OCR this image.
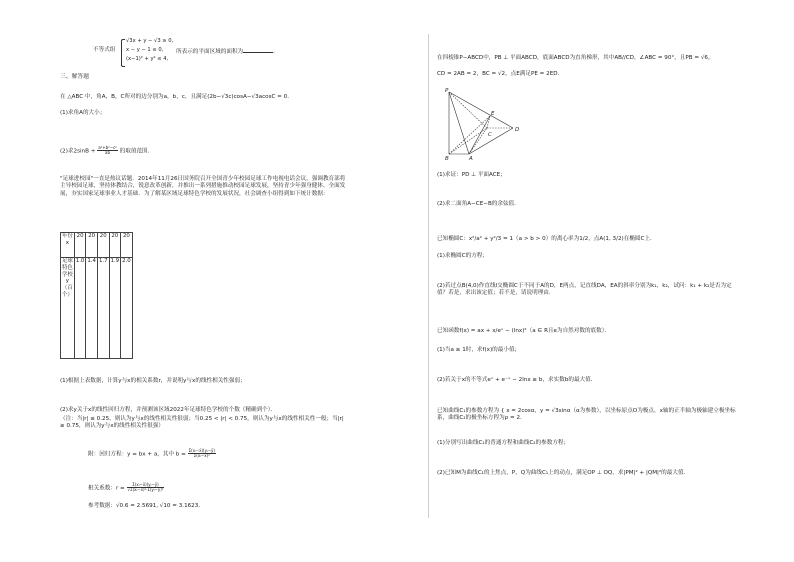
不等式组
√3x + y − √3 ≥ 0,
x − y − 1 ≤ 0,
(x−1)² + y² ≤ 4,
所表示的平面区域的面积为	．
三、解答题
在 △ABC 中，角A，B，C所对的边分别为a，b，c，且满足(2b−√3c)cosA−√3acosC = 0．
(1)求角A的大小；
(2)求$2\sin B + \frac{\text{a²+b²−c²}}{ab}$ 的取值范围．
"足球进校园"一直是热议话题．2014年11月26日国务院召开全国青少年校园足球工作电视电话会议，强调教育部将主导校园足球，坚持体教结合，锐意改革创新，并推出一系列措施推动校园足球发展，坚持青少年强身健体、全面发展，夯实国家足球事业人才基础．为了解某区域足球特色学校的发展状况，社会调查小组得到如下统计数据：
年份x	20	20	20	20	20
足球特色学校y（百个）	1.0	1.4	1.7	1.9	2.0
(1)根据上表数据，计算y与x的相关系数r，并说明y与x的线性相关性强弱；
(2)求y关于x的线性回归方程，并预测该区域2022年足球特色学校的个数（精确到个）．
（注：当|r| ≤ 0.25，则认为y与x的线性相关性很弱；当0.25 < |r| < 0.75，则认为y与x的线性相关性一般；当|r| ≥ 0.75，则认为y与x的线性相关性很强）
附：回归方程：y = bx + a，其中 $b = \frac{\text{Σ(xᵢ−x̄)(yᵢ−ȳ)}}{\text{Σ(xᵢ−x̄)²}}$
相关系数：$r = \frac{\text{Σ(xᵢ−x̄)(yᵢ−ȳ)}}{\text{√Σ(xᵢ−x̄)²·Σ(yᵢ−ȳ)²}}$
参考数据：√0.6 = 2.5691, √10 = 3.1623．
在四棱锥P−ABCD中，PB ⊥ 平面ABCD，底面ABCD为直角梯形，其中AB//CD，∠ABC = 90°，且PB = √6，
CD = 2AB = 2，BC = √2，点E满足PE = 2ED．
P
E
D
C
B	A
(1)求证：PD ⊥ 平面ACE；
(2)求二面角A−CE−B的余弦值．
已知椭圆C：x²/a² + y²/3 = 1（a > b > 0）的离心率为1/2，点A(1, 3/2)在椭圆C上．
(1)求椭圆C的方程；
(2)若过点B(4,0)作直线l交椭圆C于不同于A的D，E两点，记直线DA，EA的斜率分别为k₁，k₂，试问：k₁ + k₂是否为定值？若是，求出该定值；若不是，请说明理由．
已知函数f(x) = ax + x/eˣ − (lnx)²（a ∈ R且e为自然对数的底数）．
(1)当a ≥ 1时，求f(x)的最小值；
(2)若关于x的不等式eˣ + e⁻ˣ − 2lnx ≥ b，求实数b的最大值．
已知曲线C₁的参数方程为 { x = 2cosα，y = √3sinα（α为参数），以坐标原点O为极点，x轴的正半轴为极轴建立极坐标系，曲线C₂的极坐标方程为ρ = 2．
(1)分别写出曲线C₁的普通方程和曲线C₂的参数方程；
(2)已知M为曲线C₁的上焦点，P，Q为曲线C₁上的动点，满足OP ⊥ OQ，求|PM|² + |QM|²的最大值．
